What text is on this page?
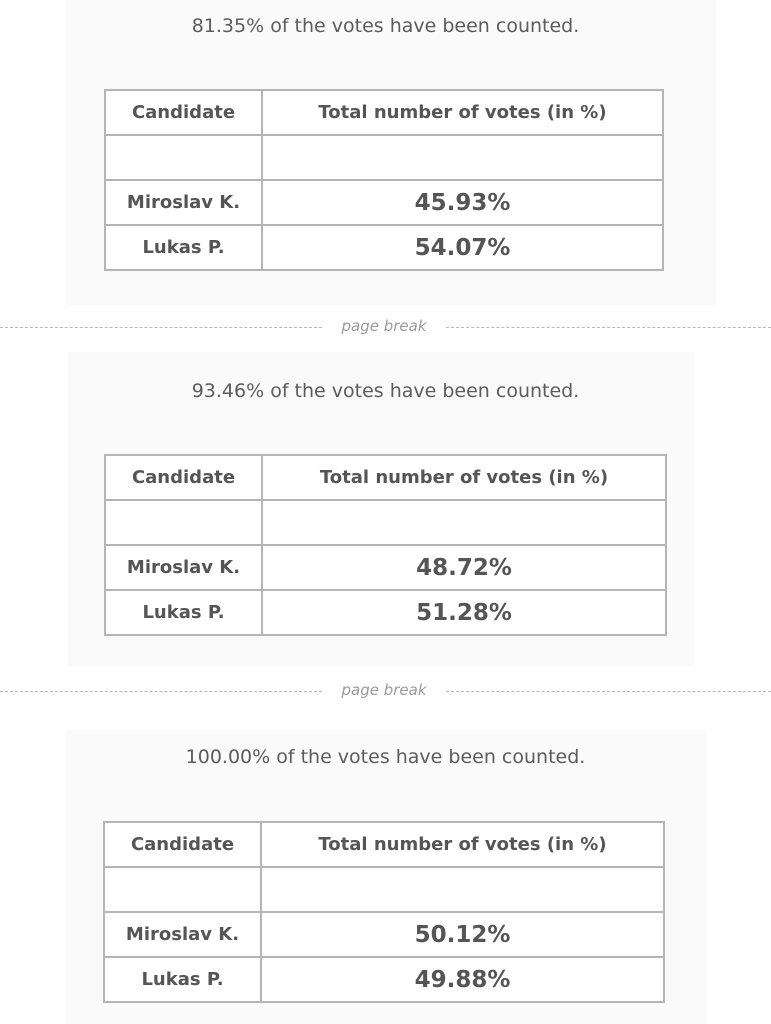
81.35% of the votes have been counted.
Candidate	Total number of votes (in %)

Miroslav K.	45.93%
Lukas P.	54.07%
page break
93.46% of the votes have been counted.
Candidate	Total number of votes (in %)

Miroslav K.	48.72%
Lukas P.	51.28%
page break
100.00% of the votes have been counted.
Candidate	Total number of votes (in %)

Miroslav K.	50.12%
Lukas P.	49.88%
